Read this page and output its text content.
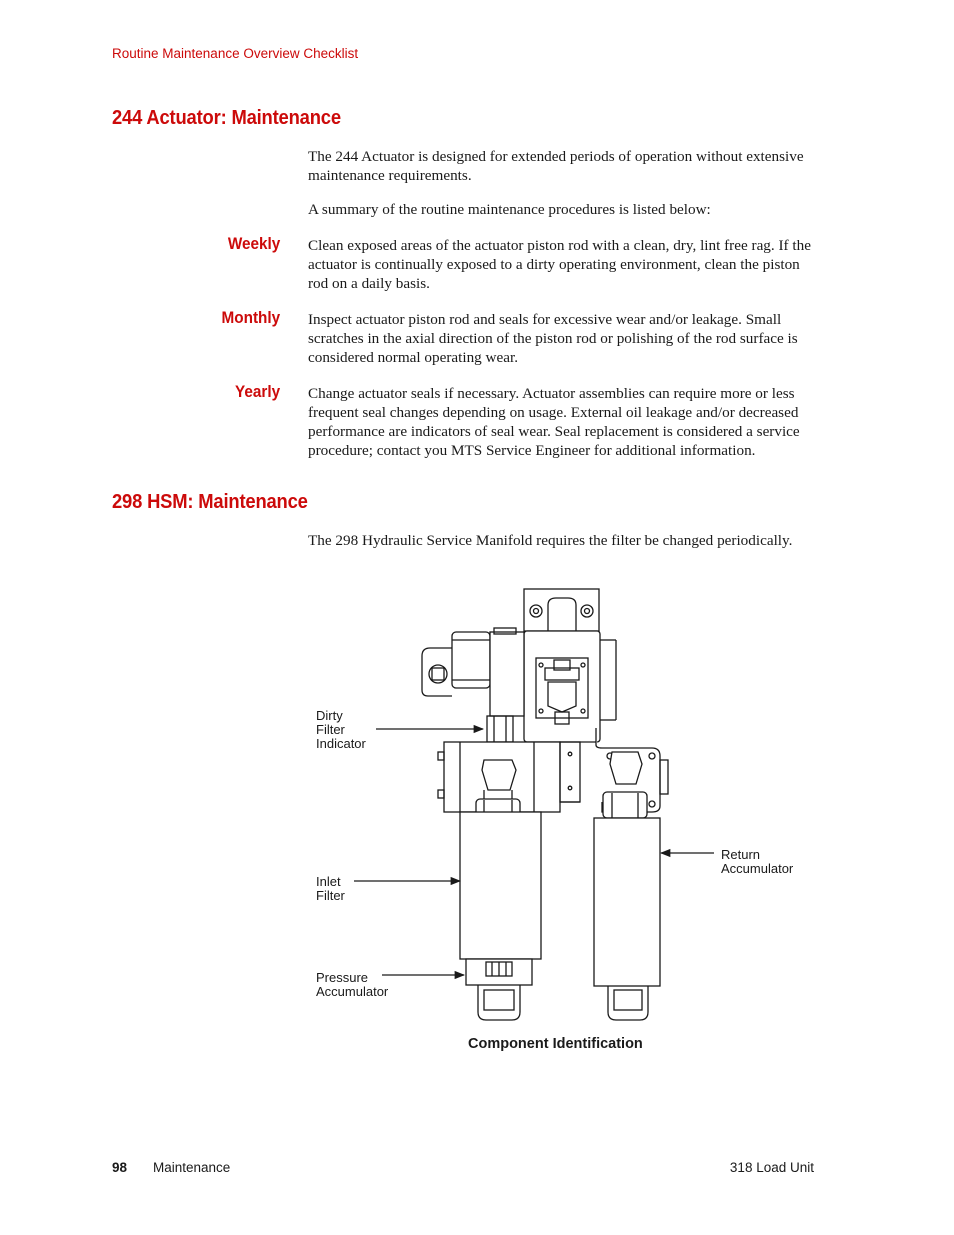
Routine Maintenance Overview Checklist
244 Actuator: Maintenance
The 244 Actuator is designed for extended periods of operation without extensive maintenance requirements.
A summary of the routine maintenance procedures is listed below:
Weekly Clean exposed areas of the actuator piston rod with a clean, dry, lint free rag. If the actuator is continually exposed to a dirty operating environment, clean the piston rod on a daily basis.
Monthly Inspect actuator piston rod and seals for excessive wear and/or leakage. Small scratches in the axial direction of the piston rod or polishing of the rod surface is considered normal operating wear.
Yearly Change actuator seals if necessary. Actuator assemblies can require more or less frequent seal changes depending on usage. External oil leakage and/or decreased performance are indicators of seal wear. Seal replacement is considered a service procedure; contact you MTS Service Engineer for additional information.
298 HSM: Maintenance
The 298 Hydraulic Service Manifold requires the filter be changed periodically.
Dirty
Filter
Indicator
Inlet
Filter
Pressure
Accumulator
Return
Accumulator
Component Identification
98 Maintenance	318 Load Unit
